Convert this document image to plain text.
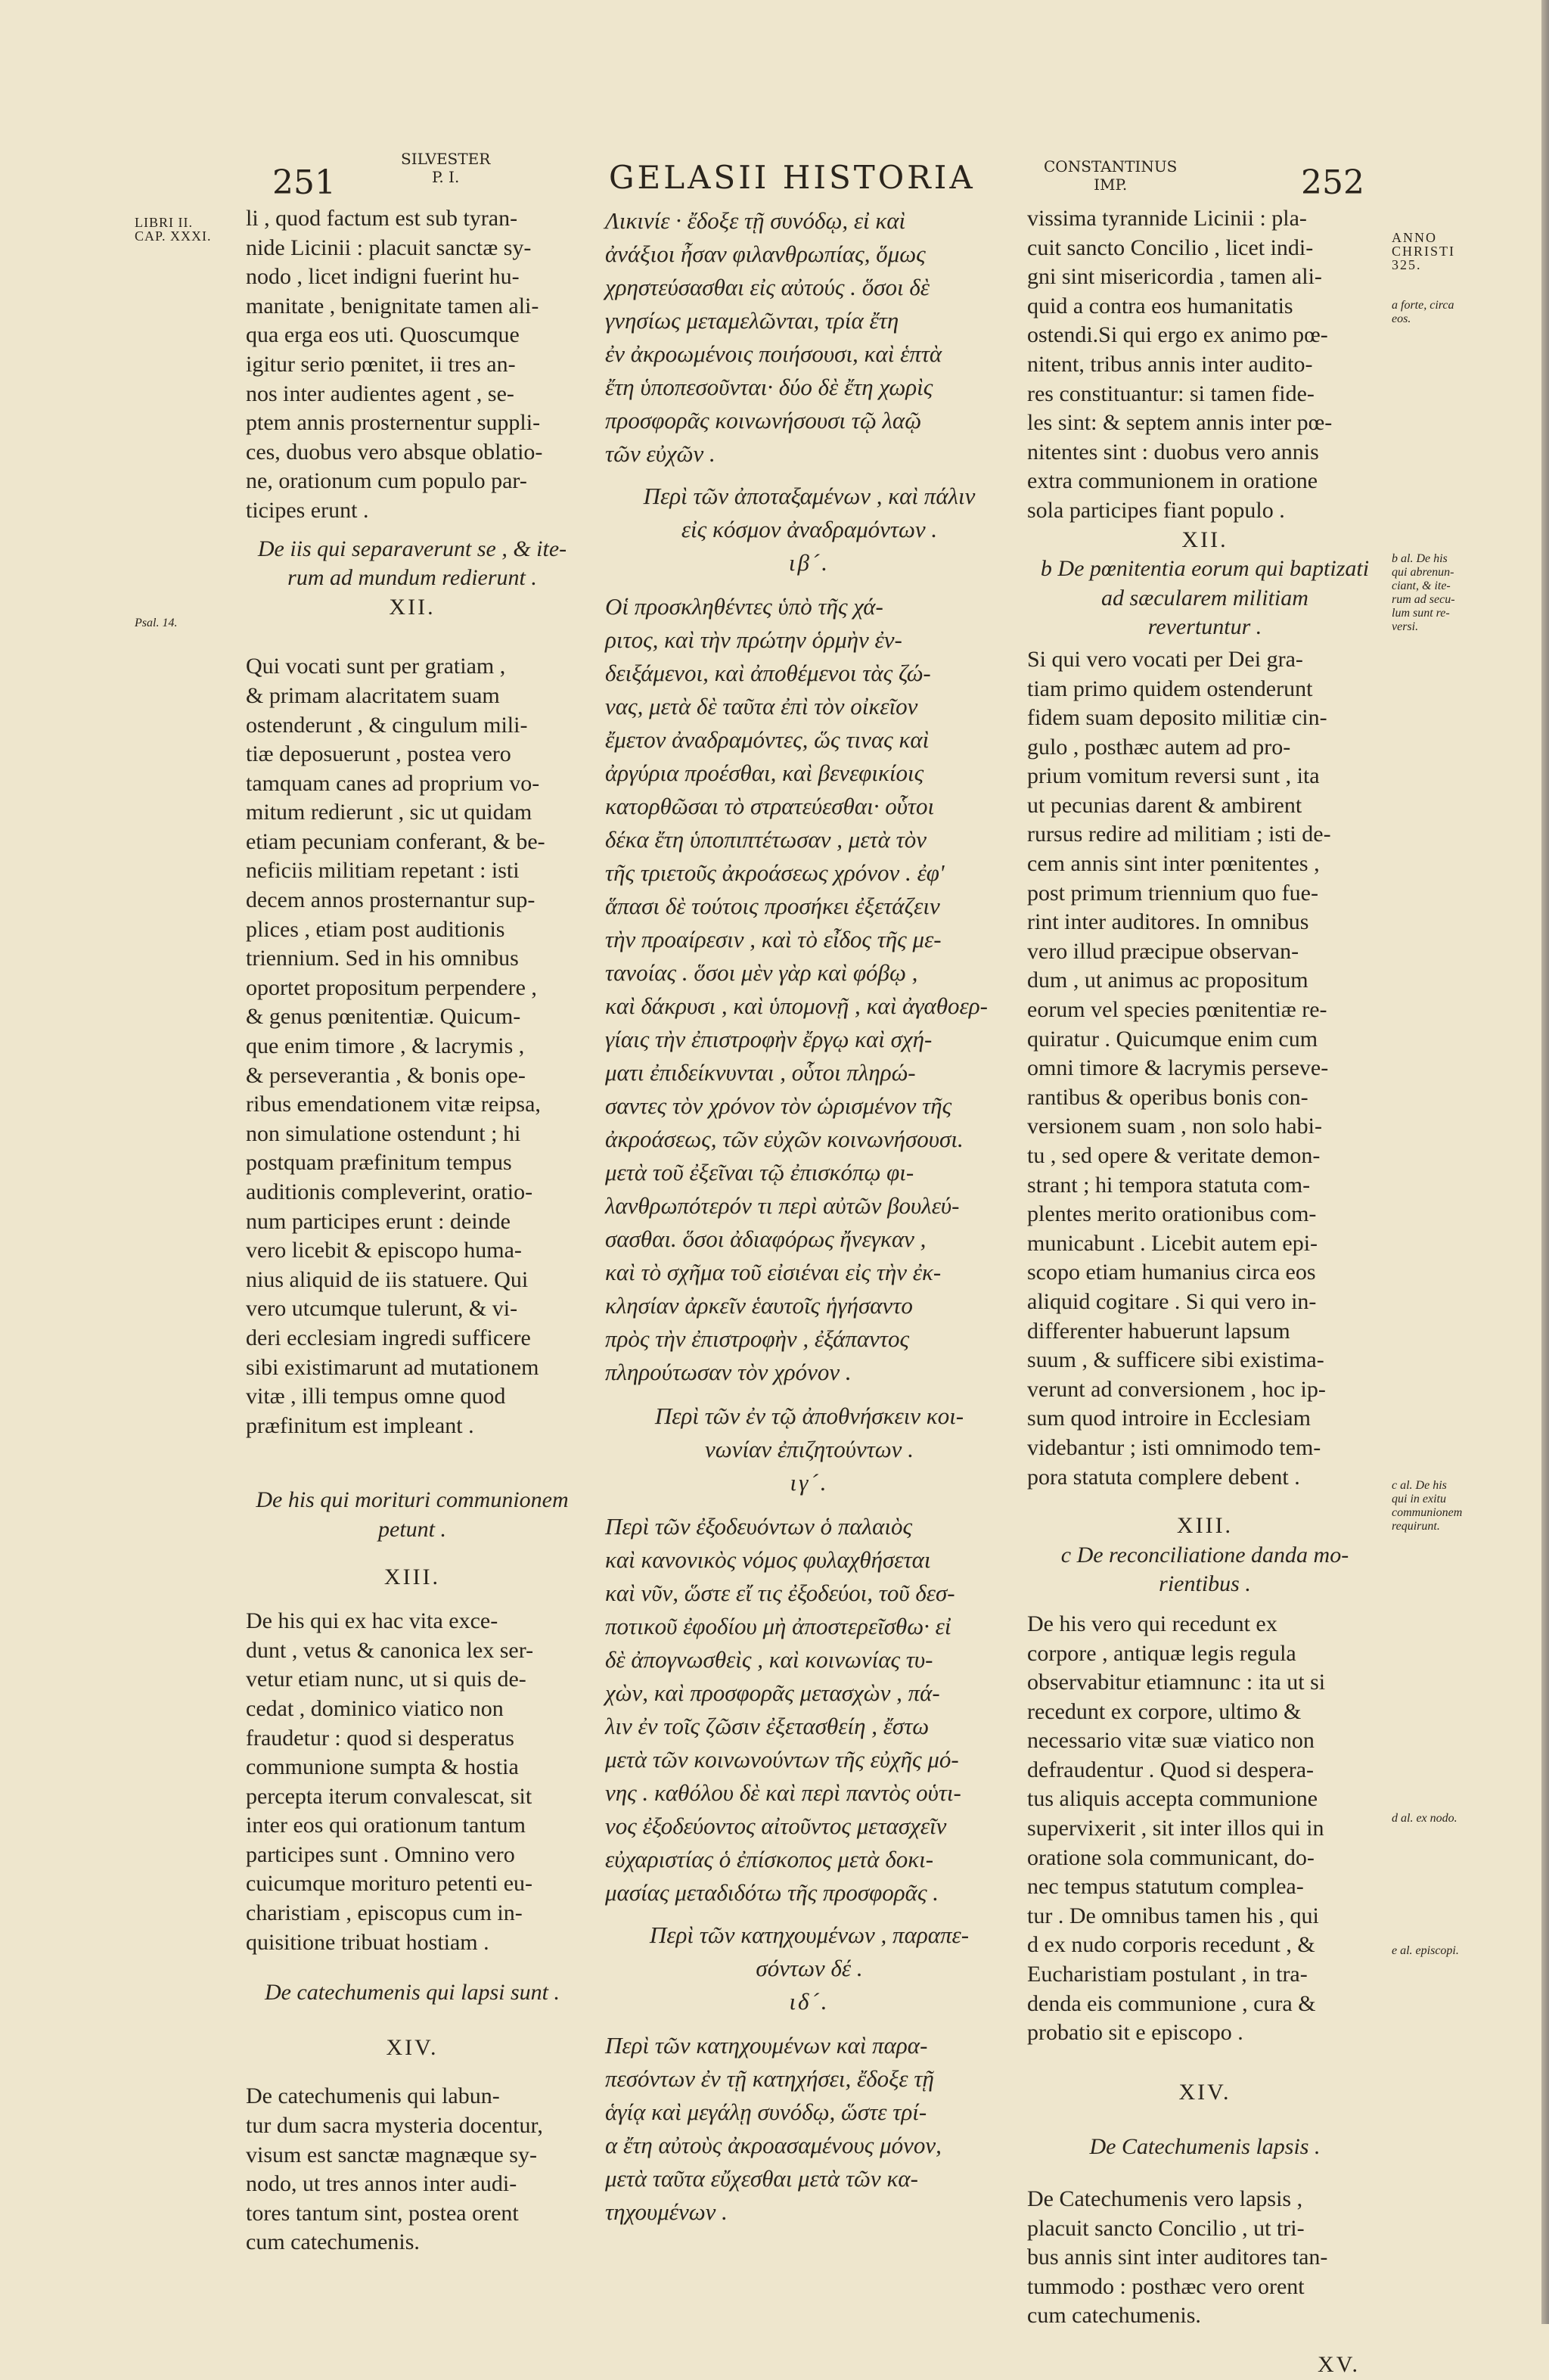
251
SILVESTER
P. I.	GELASII HISTORIA	CONSTANTINUS
IMP.	252
LIBRI II.
CAP. XXXI.
Psal. 14.
ANNO
CHRISTI
325.
a forte, circa
eos.
b al. De his
qui abrenun-
ciant, & ite-
rum ad secu-
lum sunt re-
versi.
c al. De his
qui in exitu
communionem
requirunt.
d al. ex nodo.
e al. episcopi.

li , quod factum est sub tyran-
nide Licinii : placuit sanctæ sy-
nodo , licet indigni fuerint hu-
manitate , benignitate tamen ali-
qua erga eos uti. Quoscumque
igitur serio pœnitet, ii tres an-
nos inter audientes agent , se-
ptem annis prosternentur suppli-
ces, duobus vero absque oblatio-
ne, orationum cum populo par-
ticipes erunt .

De iis qui separaverunt se , & ite-
rum ad mundum redierunt .

XII.

Qui vocati sunt per gratiam ,
& primam alacritatem suam
ostenderunt , & cingulum mili-
tiæ deposuerunt , postea vero
tamquam canes ad proprium vo-
mitum redierunt , sic ut quidam
etiam pecuniam conferant, & be-
neficiis militiam repetant : isti
decem annos prosternantur sup-
plices , etiam post auditionis
triennium. Sed in his omnibus
oportet propositum perpendere ,
& genus pœnitentiæ. Quicum-
que enim timore , & lacrymis ,
& perseverantia , & bonis ope-
ribus emendationem vitæ reipsa,
non simulatione ostendunt ; hi
postquam præfinitum tempus
auditionis compleverint, oratio-
num participes erunt : deinde
vero licebit & episcopo huma-
nius aliquid de iis statuere. Qui
vero utcumque tulerunt, & vi-
deri ecclesiam ingredi sufficere
sibi existimarunt ad mutationem
vitæ , illi tempus omne quod
præfinitum est impleant .

De his qui morituri communionem
petunt .

XIII.

De his qui ex hac vita exce-
dunt , vetus & canonica lex ser-
vetur etiam nunc, ut si quis de-
cedat , dominico viatico non
fraudetur : quod si desperatus
communione sumpta & hostia
percepta iterum convalescat, sit
inter eos qui orationum tantum
participes sunt . Omnino vero
cuicumque morituro petenti eu-
charistiam , episcopus cum in-
quisitione tribuat hostiam .

De catechumenis qui lapsi sunt .

XIV.

De catechumenis qui labun-
tur dum sacra mysteria docentur,
visum est sanctæ magnæque sy-
nodo, ut tres annos inter audi-
tores tantum sint, postea orent
cum catechumenis.

Λικινίε · ἔδοξε τῇ συνόδῳ, εἰ καὶ
ἀνάξιοι ἦσαν φιλανθρωπίας, ὅμως
χρηστεύσασθαι εἰς αὐτούς . ὅσοι δὲ
γνησίως μεταμελῶνται, τρία ἔτη
ἐν ἀκροωμένοις ποιήσουσι, καὶ ἑπτὰ
ἔτη ὑποπεσοῦνται· δύο δὲ ἔτη χωρὶς
προσφορᾶς κοινωνήσουσι τῷ λαῷ
τῶν εὐχῶν .

Περὶ τῶν ἀποταξαμένων , καὶ πάλιν
εἰς κόσμον ἀναδραμόντων .

ιβ´.

Οἱ προσκληθέντες ὑπὸ τῆς χά-
ριτος, καὶ τὴν πρώτην ὁρμὴν ἐν-
δειξάμενοι, καὶ ἀποθέμενοι τὰς ζώ-
νας, μετὰ δὲ ταῦτα ἐπὶ τὸν οἰκεῖον
ἔμετον ἀναδραμόντες, ὥς τινας καὶ
ἀργύρια προέσθαι, καὶ βενεφικίοις
κατορθῶσαι τὸ στρατεύεσθαι· οὗτοι
δέκα ἔτη ὑποπιπτέτωσαν , μετὰ τὸν
τῆς τριετοῦς ἀκροάσεως χρόνον . ἐφ'
ἅπασι δὲ τούτοις προσήκει ἐξετάζειν
τὴν προαίρεσιν , καὶ τὸ εἶδος τῆς με-
τανοίας . ὅσοι μὲν γὰρ καὶ φόβῳ ,
καὶ δάκρυσι , καὶ ὑπομονῇ , καὶ ἀγαθοερ-
γίαις τὴν ἐπιστροφὴν ἔργῳ καὶ σχή-
ματι ἐπιδείκνυνται , οὗτοι πληρώ-
σαντες τὸν χρόνον τὸν ὡρισμένον τῆς
ἀκροάσεως, τῶν εὐχῶν κοινωνήσουσι.
μετὰ τοῦ ἐξεῖναι τῷ ἐπισκόπῳ φι-
λανθρωπότερόν τι περὶ αὐτῶν βουλεύ-
σασθαι. ὅσοι ἀδιαφόρως ἤνεγκαν ,
καὶ τὸ σχῆμα τοῦ εἰσιέναι εἰς τὴν ἐκ-
κλησίαν ἀρκεῖν ἑαυτοῖς ἡγήσαντο
πρὸς τὴν ἐπιστροφὴν , ἐξάπαντος
πληρούτωσαν τὸν χρόνον .

Περὶ τῶν ἐν τῷ ἀποθνήσκειν κοι-
νωνίαν ἐπιζητούντων .

ιγ´.

Περὶ τῶν ἐξοδευόντων ὁ παλαιὸς
καὶ κανονικὸς νόμος φυλαχθήσεται
καὶ νῦν, ὥστε εἴ τις ἐξοδεύοι, τοῦ δεσ-
ποτικοῦ ἐφοδίου μὴ ἀποστερεῖσθω· εἰ
δὲ ἀπογνωσθεὶς , καὶ κοινωνίας τυ-
χὼν, καὶ προσφορᾶς μετασχὼν , πά-
λιν ἐν τοῖς ζῶσιν ἐξετασθείη , ἔστω
μετὰ τῶν κοινωνούντων τῆς εὐχῆς μό-
νης . καθόλου δὲ καὶ περὶ παντὸς οὑτι-
νος ἐξοδεύοντος αἰτοῦντος μετασχεῖν
εὐχαριστίας ὁ ἐπίσκοπος μετὰ δοκι-
μασίας μεταδιδότω τῆς προσφορᾶς .

Περὶ τῶν κατηχουμένων , παραπε-
σόντων δέ .

ιδ´.

Περὶ τῶν κατηχουμένων καὶ παρα-
πεσόντων ἐν τῇ κατηχήσει, ἔδοξε τῇ
ἁγίᾳ καὶ μεγάλῃ συνόδῳ, ὥστε τρί-
α ἔτη αὐτοὺς ἀκροασαμένους μόνον,
μετὰ ταῦτα εὔχεσθαι μετὰ τῶν κα-
τηχουμένων .

vissima tyrannide Licinii : pla-
cuit sancto Concilio , licet indi-
gni sint misericordia , tamen ali-
quid a contra eos humanitatis
ostendi.Si qui ergo ex animo pœ-
nitent, tribus annis inter audito-
res constituantur: si tamen fide-
les sint: & septem annis inter pœ-
nitentes sint : duobus vero annis
extra communionem in oratione
sola participes fiant populo .

XII.

b De pœnitentia eorum qui baptizati
ad sæcularem militiam
revertuntur .

Si qui vero vocati per Dei gra-
tiam primo quidem ostenderunt
fidem suam deposito militiæ cin-
gulo , posthæc autem ad pro-
prium vomitum reversi sunt , ita
ut pecunias darent & ambirent
rursus redire ad militiam ; isti de-
cem annis sint inter pœnitentes ,
post primum triennium quo fue-
rint inter auditores. In omnibus
vero illud præcipue observan-
dum , ut animus ac propositum
eorum vel species pœnitentiæ re-
quiratur . Quicumque enim cum
omni timore & lacrymis perseve-
rantibus & operibus bonis con-
versionem suam , non solo habi-
tu , sed opere & veritate demon-
strant ; hi tempora statuta com-
plentes merito orationibus com-
municabunt . Licebit autem epi-
scopo etiam humanius circa eos
aliquid cogitare . Si qui vero in-
differenter habuerunt lapsum
suum , & sufficere sibi existima-
verunt ad conversionem , hoc ip-
sum quod introire in Ecclesiam
videbantur ; isti omnimodo tem-
pora statuta complere debent .

XIII.

c De reconciliatione danda mo-
rientibus .

De his vero qui recedunt ex
corpore , antiquæ legis regula
observabitur etiamnunc : ita ut si
recedunt ex corpore, ultimo &
necessario vitæ suæ viatico non
defraudentur . Quod si despera-
tus aliquis accepta communione
supervixerit , sit inter illos qui in
oratione sola communicant, do-
nec tempus statutum complea-
tur . De omnibus tamen his , qui
d ex nudo corporis recedunt , &
Eucharistiam postulant , in tra-
denda eis communione , cura &
probatio sit e episcopo .

XIV.

De Catechumenis lapsis .

De Catechumenis vero lapsis ,
placuit sancto Concilio , ut tri-
bus annis sint inter auditores tan-
tummodo : posthæc vero orent
cum catechumenis.

XV.
